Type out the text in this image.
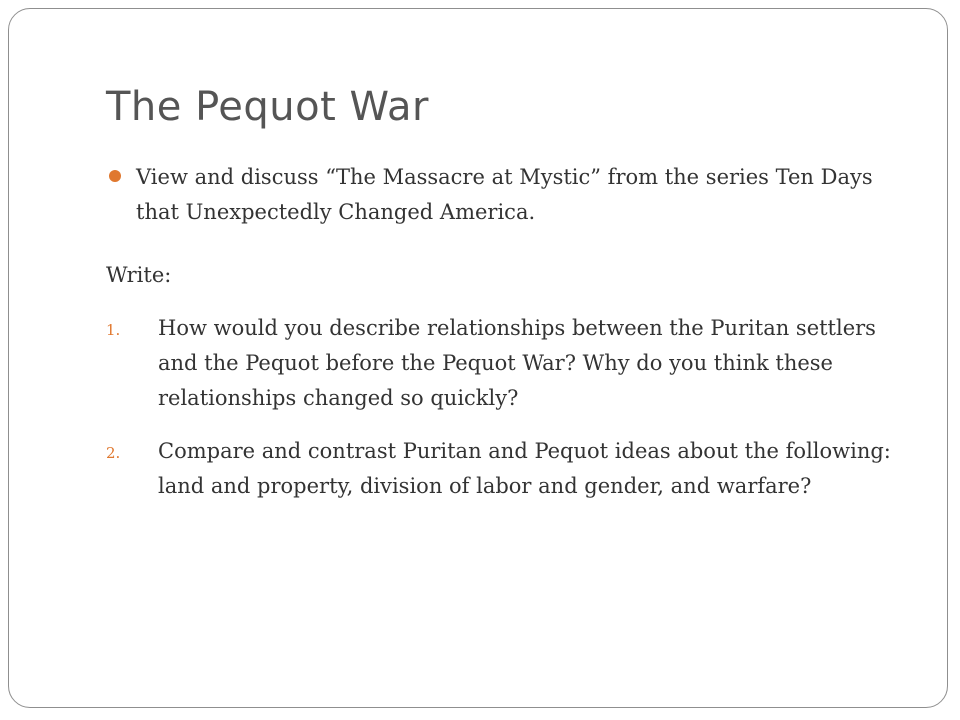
The Pequot War
View and discuss “The Massacre at Mystic” from the series Ten Days that Unexpectedly Changed America.
Write:
1. How would you describe relationships between the Puritan settlers and the Pequot before the Pequot War? Why do you think these relationships changed so quickly?
2. Compare and contrast Puritan and Pequot ideas about the following: land and property, division of labor and gender, and warfare?
